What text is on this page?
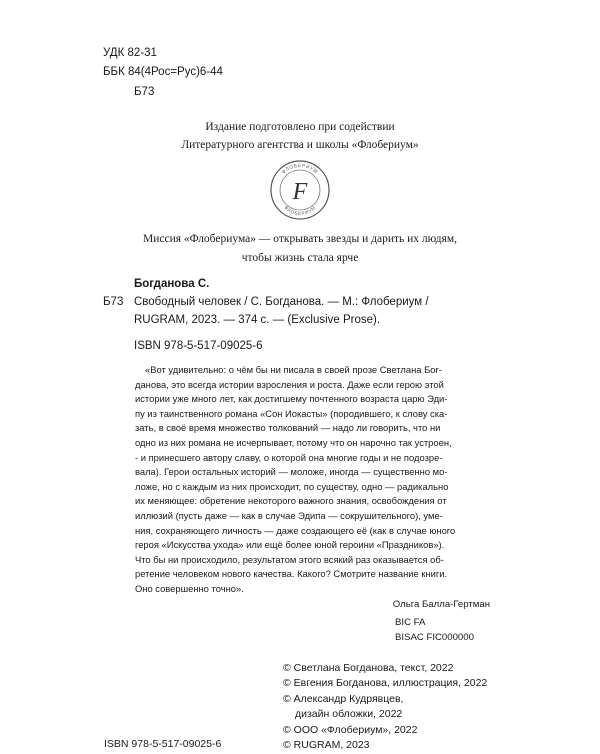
УДК 82-31
ББК 84(4Рос=Рус)6-44
Б73
Издание подготовлено при содействии
Литературного агентства и школы «Флобериум»
ФЛОБЕРИУМ
ФЛОБЕРИУМ
F
Миссия «Флобериума» — открывать звезды и дарить их людям,
чтобы жизнь стала ярче
Богданова С.
Б73 Свободный человек / С. Богданова. — М.: Флобериум /
RUGRAM, 2023. — 374 с. — (Exclusive Prose).
ISBN 978-5-517-09025-6
«Вот удивительно: о чём бы ни писала в своей прозе Светлана Бог-
данова, это всегда истории взросления и роста. Даже если герою этой
истории уже много лет, как достигшему почтенного возраста царю Эди-
пу из таинственного романа «Сон Иокасты» (породившего, к слову ска-
зать, в своё время множество толкований — надо ли говорить, что ни
одно из них романа не исчерпывает, потому что он нарочно так устроен,
- и принесшего автору славу, о которой она многие годы и не подозре-
вала). Герои остальных историй — моложе, иногда — существенно мо-
ложе, но с каждым из них происходит, по существу, одно — радикально
их меняющее: обретение некоторого важного знания, освобождения от
иллюзий (пусть даже — как в случае Эдипа — сокрушительного), уме-
ния, сохраняющего личность — даже создающего её (как в случае юного
героя «Искусства ухода» или ещё более юной героини «Праздников»).
Что бы ни происходило, результатом этого всякий раз оказывается об-
ретение человеком нового качества. Какого? Смотрите название книги.
Оно совершенно точно».
Ольга Балла-Гертман
BIC FA
BISAC FIC000000
© Светлана Богданова, текст, 2022
© Евгения Богданова, иллюстрация, 2022
© Александр Кудрявцев,
дизайн обложки, 2022
© ООО «Флобериум», 2022
© RUGRAM, 2023
ISBN 978-5-517-09025-6
